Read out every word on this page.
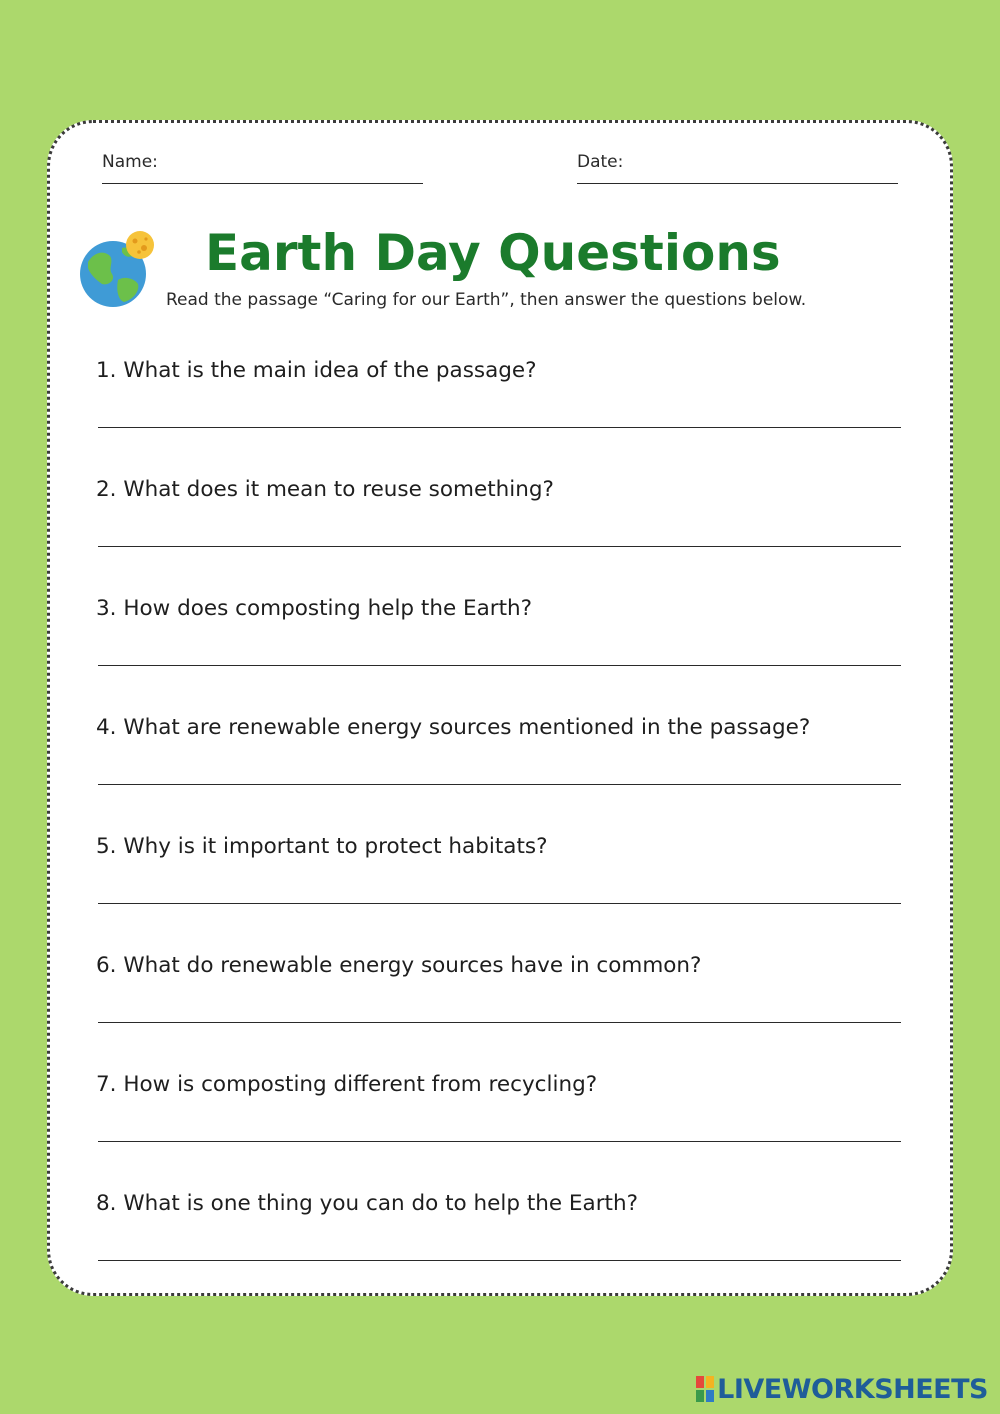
Name:	Date:
Earth Day Questions
Read the passage “Caring for our Earth”, then answer the questions below.
1. What is the main idea of the passage?
2. What does it mean to reuse something?
3. How does composting help the Earth?
4. What are renewable energy sources mentioned in the passage?
5. Why is it important to protect habitats?
6. What do renewable energy sources have in common?
7. How is composting different from recycling?
8. What is one thing you can do to help the Earth?
LIVEWORKSHEETS
